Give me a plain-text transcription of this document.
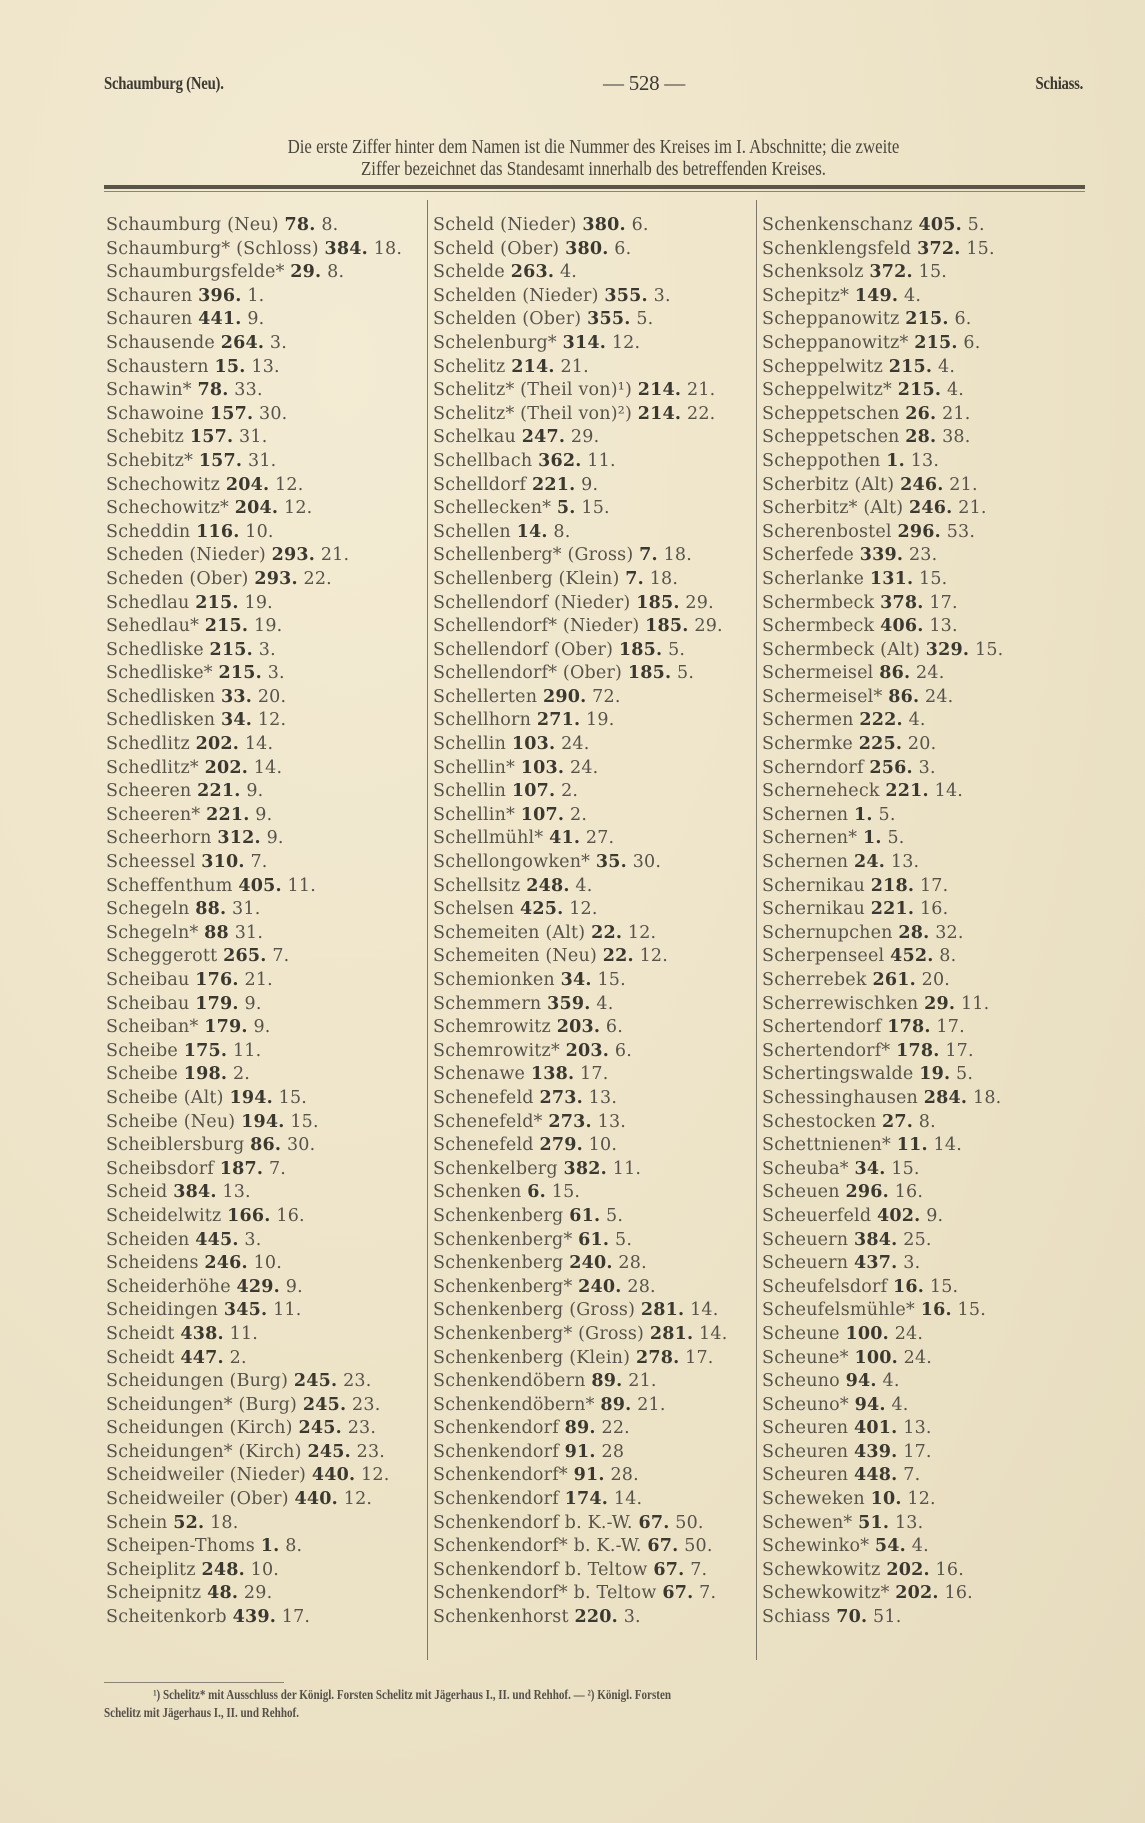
Schaumburg (Neu).	— 528 —	Schiass.
Die erste Ziffer hinter dem Namen ist die Nummer des Kreises im I. Abschnitte; die zweite
Ziffer bezeichnet das Standesamt innerhalb des betreffenden Kreises.
Schaumburg (Neu) 78. 8.
Schaumburg* (Schloss) 384. 18.
Schaumburgsfelde* 29. 8.
Schauren 396. 1.
Schauren 441. 9.
Schausende 264. 3.
Schaustern 15. 13.
Schawin* 78. 33.
Schawoine 157. 30.
Schebitz 157. 31.
Schebitz* 157. 31.
Schechowitz 204. 12.
Schechowitz* 204. 12.
Scheddin 116. 10.
Scheden (Nieder) 293. 21.
Scheden (Ober) 293. 22.
Schedlau 215. 19.
Sehedlau* 215. 19.
Schedliske 215. 3.
Schedliske* 215. 3.
Schedlisken 33. 20.
Schedlisken 34. 12.
Schedlitz 202. 14.
Schedlitz* 202. 14.
Scheeren 221. 9.
Scheeren* 221. 9.
Scheerhorn 312. 9.
Scheessel 310. 7.
Scheffenthum 405. 11.
Schegeln 88. 31.
Schegeln* 88 31.
Scheggerott 265. 7.
Scheibau 176. 21.
Scheibau 179. 9.
Scheiban* 179. 9.
Scheibe 175. 11.
Scheibe 198. 2.
Scheibe (Alt) 194. 15.
Scheibe (Neu) 194. 15.
Scheiblersburg 86. 30.
Scheibsdorf 187. 7.
Scheid 384. 13.
Scheidelwitz 166. 16.
Scheiden 445. 3.
Scheidens 246. 10.
Scheiderhöhe 429. 9.
Scheidingen 345. 11.
Scheidt 438. 11.
Scheidt 447. 2.
Scheidungen (Burg) 245. 23.
Scheidungen* (Burg) 245. 23.
Scheidungen (Kirch) 245. 23.
Scheidungen* (Kirch) 245. 23.
Scheidweiler (Nieder) 440. 12.
Scheidweiler (Ober) 440. 12.
Schein 52. 18.
Scheipen-Thoms 1. 8.
Scheiplitz 248. 10.
Scheipnitz 48. 29.
Scheitenkorb 439. 17.
Scheld (Nieder) 380. 6.
Scheld (Ober) 380. 6.
Schelde 263. 4.
Schelden (Nieder) 355. 3.
Schelden (Ober) 355. 5.
Schelenburg* 314. 12.
Schelitz 214. 21.
Schelitz* (Theil von)¹) 214. 21.
Schelitz* (Theil von)²) 214. 22.
Schelkau 247. 29.
Schellbach 362. 11.
Schelldorf 221. 9.
Schellecken* 5. 15.
Schellen 14. 8.
Schellenberg* (Gross) 7. 18.
Schellenberg (Klein) 7. 18.
Schellendorf (Nieder) 185. 29.
Schellendorf* (Nieder) 185. 29.
Schellendorf (Ober) 185. 5.
Schellendorf* (Ober) 185. 5.
Schellerten 290. 72.
Schellhorn 271. 19.
Schellin 103. 24.
Schellin* 103. 24.
Schellin 107. 2.
Schellin* 107. 2.
Schellmühl* 41. 27.
Schellongowken* 35. 30.
Schellsitz 248. 4.
Schelsen 425. 12.
Schemeiten (Alt) 22. 12.
Schemeiten (Neu) 22. 12.
Schemionken 34. 15.
Schemmern 359. 4.
Schemrowitz 203. 6.
Schemrowitz* 203. 6.
Schenawe 138. 17.
Schenefeld 273. 13.
Schenefeld* 273. 13.
Schenefeld 279. 10.
Schenkelberg 382. 11.
Schenken 6. 15.
Schenkenberg 61. 5.
Schenkenberg* 61. 5.
Schenkenberg 240. 28.
Schenkenberg* 240. 28.
Schenkenberg (Gross) 281. 14.
Schenkenberg* (Gross) 281. 14.
Schenkenberg (Klein) 278. 17.
Schenkendöbern 89. 21.
Schenkendöbern* 89. 21.
Schenkendorf 89. 22.
Schenkendorf 91. 28
Schenkendorf* 91. 28.
Schenkendorf 174. 14.
Schenkendorf b. K.-W. 67. 50.
Schenkendorf* b. K.-W. 67. 50.
Schenkendorf b. Teltow 67. 7.
Schenkendorf* b. Teltow 67. 7.
Schenkenhorst 220. 3.
Schenkenschanz 405. 5.
Schenklengsfeld 372. 15.
Schenksolz 372. 15.
Schepitz* 149. 4.
Scheppanowitz 215. 6.
Scheppanowitz* 215. 6.
Scheppelwitz 215. 4.
Scheppelwitz* 215. 4.
Scheppetschen 26. 21.
Scheppetschen 28. 38.
Scheppothen 1. 13.
Scherbitz (Alt) 246. 21.
Scherbitz* (Alt) 246. 21.
Scherenbostel 296. 53.
Scherfede 339. 23.
Scherlanke 131. 15.
Schermbeck 378. 17.
Schermbeck 406. 13.
Schermbeck (Alt) 329. 15.
Schermeisel 86. 24.
Schermeisel* 86. 24.
Schermen 222. 4.
Schermke 225. 20.
Scherndorf 256. 3.
Scherneheck 221. 14.
Schernen 1. 5.
Schernen* 1. 5.
Schernen 24. 13.
Schernikau 218. 17.
Schernikau 221. 16.
Schernupchen 28. 32.
Scherpenseel 452. 8.
Scherrebek 261. 20.
Scherrewischken 29. 11.
Schertendorf 178. 17.
Schertendorf* 178. 17.
Schertingswalde 19. 5.
Schessinghausen 284. 18.
Schestocken 27. 8.
Schettnienen* 11. 14.
Scheuba* 34. 15.
Scheuen 296. 16.
Scheuerfeld 402. 9.
Scheuern 384. 25.
Scheuern 437. 3.
Scheufelsdorf 16. 15.
Scheufelsmühle* 16. 15.
Scheune 100. 24.
Scheune* 100. 24.
Scheuno 94. 4.
Scheuno* 94. 4.
Scheuren 401. 13.
Scheuren 439. 17.
Scheuren 448. 7.
Scheweken 10. 12.
Schewen* 51. 13.
Schewinko* 54. 4.
Schewkowitz 202. 16.
Schewkowitz* 202. 16.
Schiass 70. 51.
¹) Schelitz* mit Ausschluss der Königl. Forsten Schelitz mit Jägerhaus I., II. und Rehhof. — ²) Königl. Forsten
Schelitz mit Jägerhaus I., II. und Rehhof.
